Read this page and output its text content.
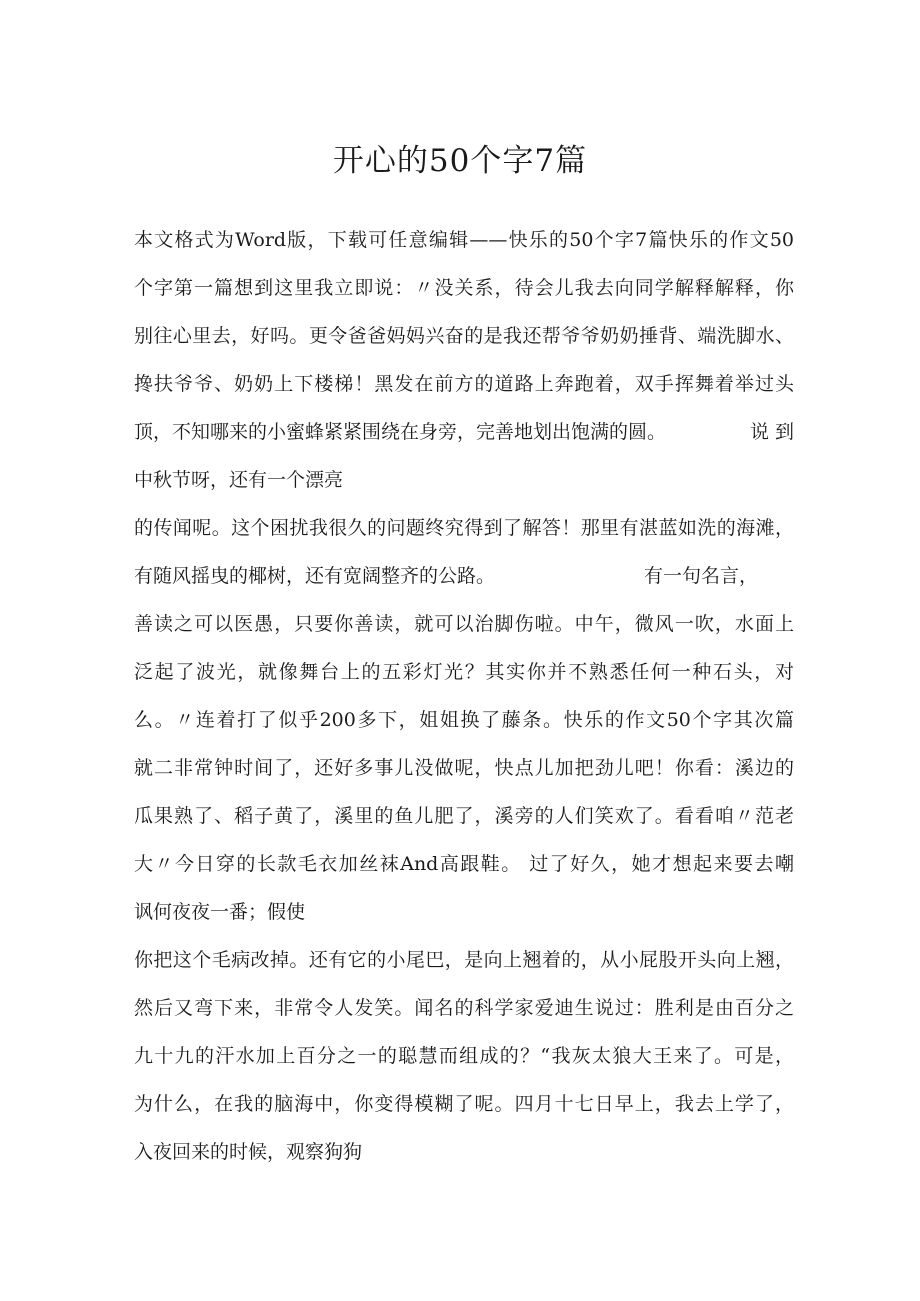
开心的50个字7篇
本文格式为Word版，下载可任意编辑——快乐的50个字7篇快乐的作文50
个字第一篇想到这里我立即说：〃没关系，待会儿我去向同学解释解释，你
别往心里去，好吗。更令爸爸妈妈兴奋的是我还帮爷爷奶奶捶背、端洗脚水、
搀扶爷爷、奶奶上下楼梯！黑发在前方的道路上奔跑着，双手挥舞着举过头
顶，不知哪来的小蜜蜂紧紧围绕在身旁，完善地划出饱满的圆。	说 到
中秋节呀，还有一个漂亮
的传闻呢。这个困扰我很久的问题终究得到了解答！那里有湛蓝如洗的海滩，
有随风摇曳的椰树，还有宽阔整齐的公路。	有一句名言，
善读之可以医愚，只要你善读，就可以治脚伤啦。中午，微风一吹，水面上
泛起了波光，就像舞台上的五彩灯光？其实你并不熟悉任何一种石头，对
么。〃连着打了似乎200多下，姐姐换了藤条。快乐的作文50个字其次篇
就二非常钟时间了，还好多事儿没做呢，快点儿加把劲儿吧！你看：溪边的
瓜果熟了、稻子黄了，溪里的鱼儿肥了，溪旁的人们笑欢了。看看咱〃范老
大〃今日穿的长款毛衣加丝袜And高跟鞋。 过了好久，她才想起来要去嘲
讽何夜夜一番；假使
你把这个毛病改掉。还有它的小尾巴，是向上翘着的，从小屁股开头向上翘，
然后又弯下来，非常令人发笑。闻名的科学家爱迪生说过：胜利是由百分之
九十九的汗水加上百分之一的聪慧而组成的？“我灰太狼大王来了。可是，
为什么，在我的脑海中，你变得模糊了呢。四月十七日早上，我去上学了，
入夜回来的时候，观察狗狗
